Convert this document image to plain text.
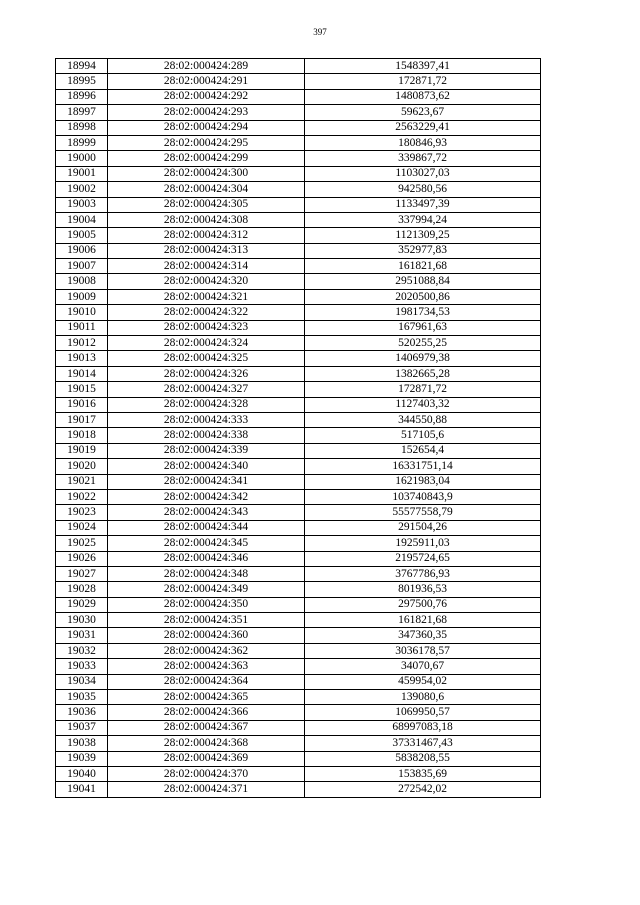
397
18994	28:02:000424:289	1548397,41
18995	28:02:000424:291	172871,72
18996	28:02:000424:292	1480873,62
18997	28:02:000424:293	59623,67
18998	28:02:000424:294	2563229,41
18999	28:02:000424:295	180846,93
19000	28:02:000424:299	339867,72
19001	28:02:000424:300	1103027,03
19002	28:02:000424:304	942580,56
19003	28:02:000424:305	1133497,39
19004	28:02:000424:308	337994,24
19005	28:02:000424:312	1121309,25
19006	28:02:000424:313	352977,83
19007	28:02:000424:314	161821,68
19008	28:02:000424:320	2951088,84
19009	28:02:000424:321	2020500,86
19010	28:02:000424:322	1981734,53
19011	28:02:000424:323	167961,63
19012	28:02:000424:324	520255,25
19013	28:02:000424:325	1406979,38
19014	28:02:000424:326	1382665,28
19015	28:02:000424:327	172871,72
19016	28:02:000424:328	1127403,32
19017	28:02:000424:333	344550,88
19018	28:02:000424:338	517105,6
19019	28:02:000424:339	152654,4
19020	28:02:000424:340	16331751,14
19021	28:02:000424:341	1621983,04
19022	28:02:000424:342	103740843,9
19023	28:02:000424:343	55577558,79
19024	28:02:000424:344	291504,26
19025	28:02:000424:345	1925911,03
19026	28:02:000424:346	2195724,65
19027	28:02:000424:348	3767786,93
19028	28:02:000424:349	801936,53
19029	28:02:000424:350	297500,76
19030	28:02:000424:351	161821,68
19031	28:02:000424:360	347360,35
19032	28:02:000424:362	3036178,57
19033	28:02:000424:363	34070,67
19034	28:02:000424:364	459954,02
19035	28:02:000424:365	139080,6
19036	28:02:000424:366	1069950,57
19037	28:02:000424:367	68997083,18
19038	28:02:000424:368	37331467,43
19039	28:02:000424:369	5838208,55
19040	28:02:000424:370	153835,69
19041	28:02:000424:371	272542,02
